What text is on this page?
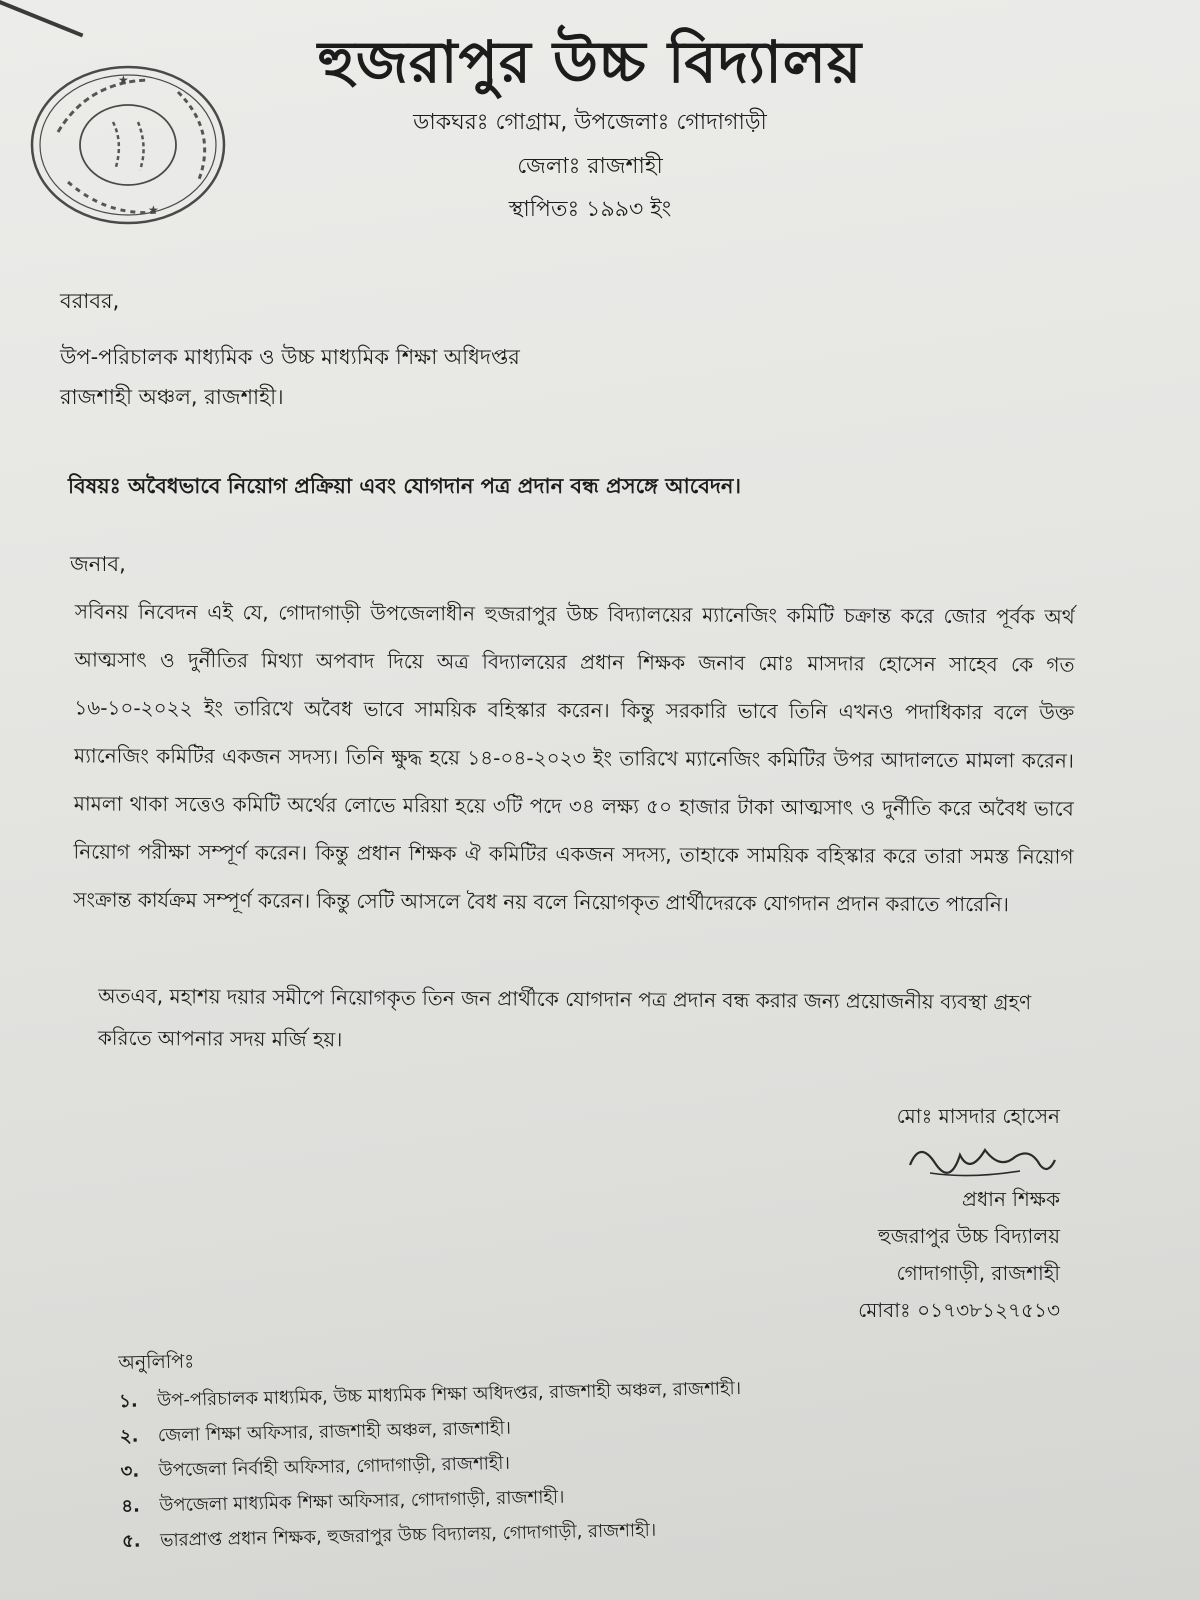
★
★
হুজরাপুর উচ্চ বিদ্যালয়
ডাকঘরঃ গোগ্রাম, উপজেলাঃ গোদাগাড়ী
জেলাঃ রাজশাহী
স্থাপিতঃ ১৯৯৩ ইং
বরাবর,
উপ-পরিচালক মাধ্যমিক ও উচ্চ মাধ্যমিক শিক্ষা অধিদপ্তর
রাজশাহী অঞ্চল, রাজশাহী।
বিষয়ঃ অবৈধভাবে নিয়োগ প্রক্রিয়া এবং যোগদান পত্র প্রদান বন্ধ প্রসঙ্গে আবেদন।
জনাব,
সবিনয় নিবেদন এই যে, গোদাগাড়ী উপজেলাধীন হুজরাপুর উচ্চ বিদ্যালয়ের ম্যানেজিং কমিটি চক্রান্ত করে জোর পূর্বক অর্থ আত্মসাৎ ও দুর্নীতির মিথ্যা অপবাদ দিয়ে অত্র বিদ্যালয়ের প্রধান শিক্ষক জনাব মোঃ মাসদার হোসেন সাহেব কে গত ১৬-১০-২০২২ ইং তারিখে অবৈধ ভাবে সাময়িক বহিস্কার করেন। কিন্তু সরকারি ভাবে তিনি এখনও পদাধিকার বলে উক্ত ম্যানেজিং কমিটির একজন সদস্য। তিনি ক্ষুদ্ধ হয়ে ১৪-০৪-২০২৩ ইং তারিখে ম্যানেজিং কমিটির উপর আদালতে মামলা করেন। মামলা থাকা সত্তেও কমিটি অর্থের লোভে মরিয়া হয়ে ৩টি পদে ৩৪ লক্ষ্য ৫০ হাজার টাকা আত্মসাৎ ও দুর্নীতি করে অবৈধ ভাবে নিয়োগ পরীক্ষা সম্পূর্ণ করেন। কিন্তু প্রধান শিক্ষক ঐ কমিটির একজন সদস্য, তাহাকে সাময়িক বহিস্কার করে তারা সমস্ত নিয়োগ সংক্রান্ত কার্যক্রম সম্পূর্ণ করেন। কিন্তু সেটি আসলে বৈধ নয় বলে নিয়োগকৃত প্রার্থীদেরকে যোগদান প্রদান করাতে পারেনি।
অতএব, মহাশয় দয়ার সমীপে নিয়োগকৃত তিন জন প্রার্থীকে যোগদান পত্র প্রদান বন্ধ করার জন্য প্রয়োজনীয় ব্যবস্থা গ্রহণ করিতে আপনার সদয় মর্জি হয়।
মোঃ মাসদার হোসেন
প্রধান শিক্ষক
হুজরাপুর উচ্চ বিদ্যালয়
গোদাগাড়ী, রাজশাহী
মোবাঃ ০১৭৩৮১২৭৫১৩
অনুলিপিঃ
১.	উপ-পরিচালক মাধ্যমিক, উচ্চ মাধ্যমিক শিক্ষা অধিদপ্তর, রাজশাহী অঞ্চল, রাজশাহী।
২.	জেলা শিক্ষা অফিসার, রাজশাহী অঞ্চল, রাজশাহী।
৩.	উপজেলা নির্বাহী অফিসার, গোদাগাড়ী, রাজশাহী।
৪.	উপজেলা মাধ্যমিক শিক্ষা অফিসার, গোদাগাড়ী, রাজশাহী।
৫.	ভারপ্রাপ্ত প্রধান শিক্ষক, হুজরাপুর উচ্চ বিদ্যালয়, গোদাগাড়ী, রাজশাহী।
